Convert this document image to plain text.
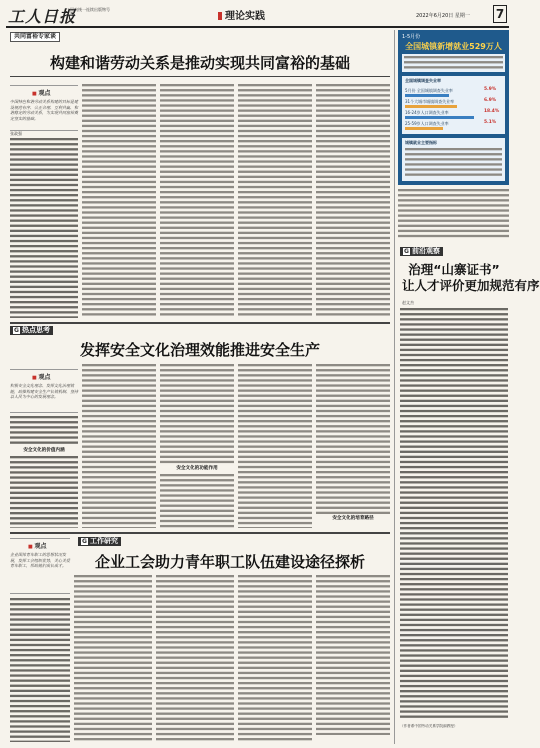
工人日报
国内统一连续出版物号
理论实践	2022年6月20日 星期一 7
共同富裕专家谈
构建和谐劳动关系是推动实现共同富裕的基础
■ 观点
中国特色和谐劳动关系构建的目标是建设规范有序、公正合理、互利共赢、和谐稳定的劳动关系，为实现共同富裕奠定坚实的基础。
张政强
G 热点思考
发挥安全文化治理效能推进安全生产
■ 观点
积极安全文化理念、发挥文化治理效能，助推构建安全生产长效机制、坚持以人民为中心的发展理念。
安全文化的价值内涵
安全文化的功能作用
安全文化的培育路径
G 工作研究
企业工会助力青年职工队伍建设途径探析
■ 观点
企业团体青年职工的思想状况发展，发挥工会组织优势，关心关爱青年职工，帮助他们成长成才。
1-5月份
全国城镇新增就业529万人
全国城镇调查失业率
5月份 全国城镇调查失业率	5.9%
31个大城市城镇调查失业率	6.9%
16-24岁人口调查失业率	18.4%
25-59岁人口调查失业率	5.1%
城镇就业主要指标
G 前沿观察
治理“山寨证书”
让人才评价更加规范有序
赵文杰
（作者系中国劳动关系学院副教授）
